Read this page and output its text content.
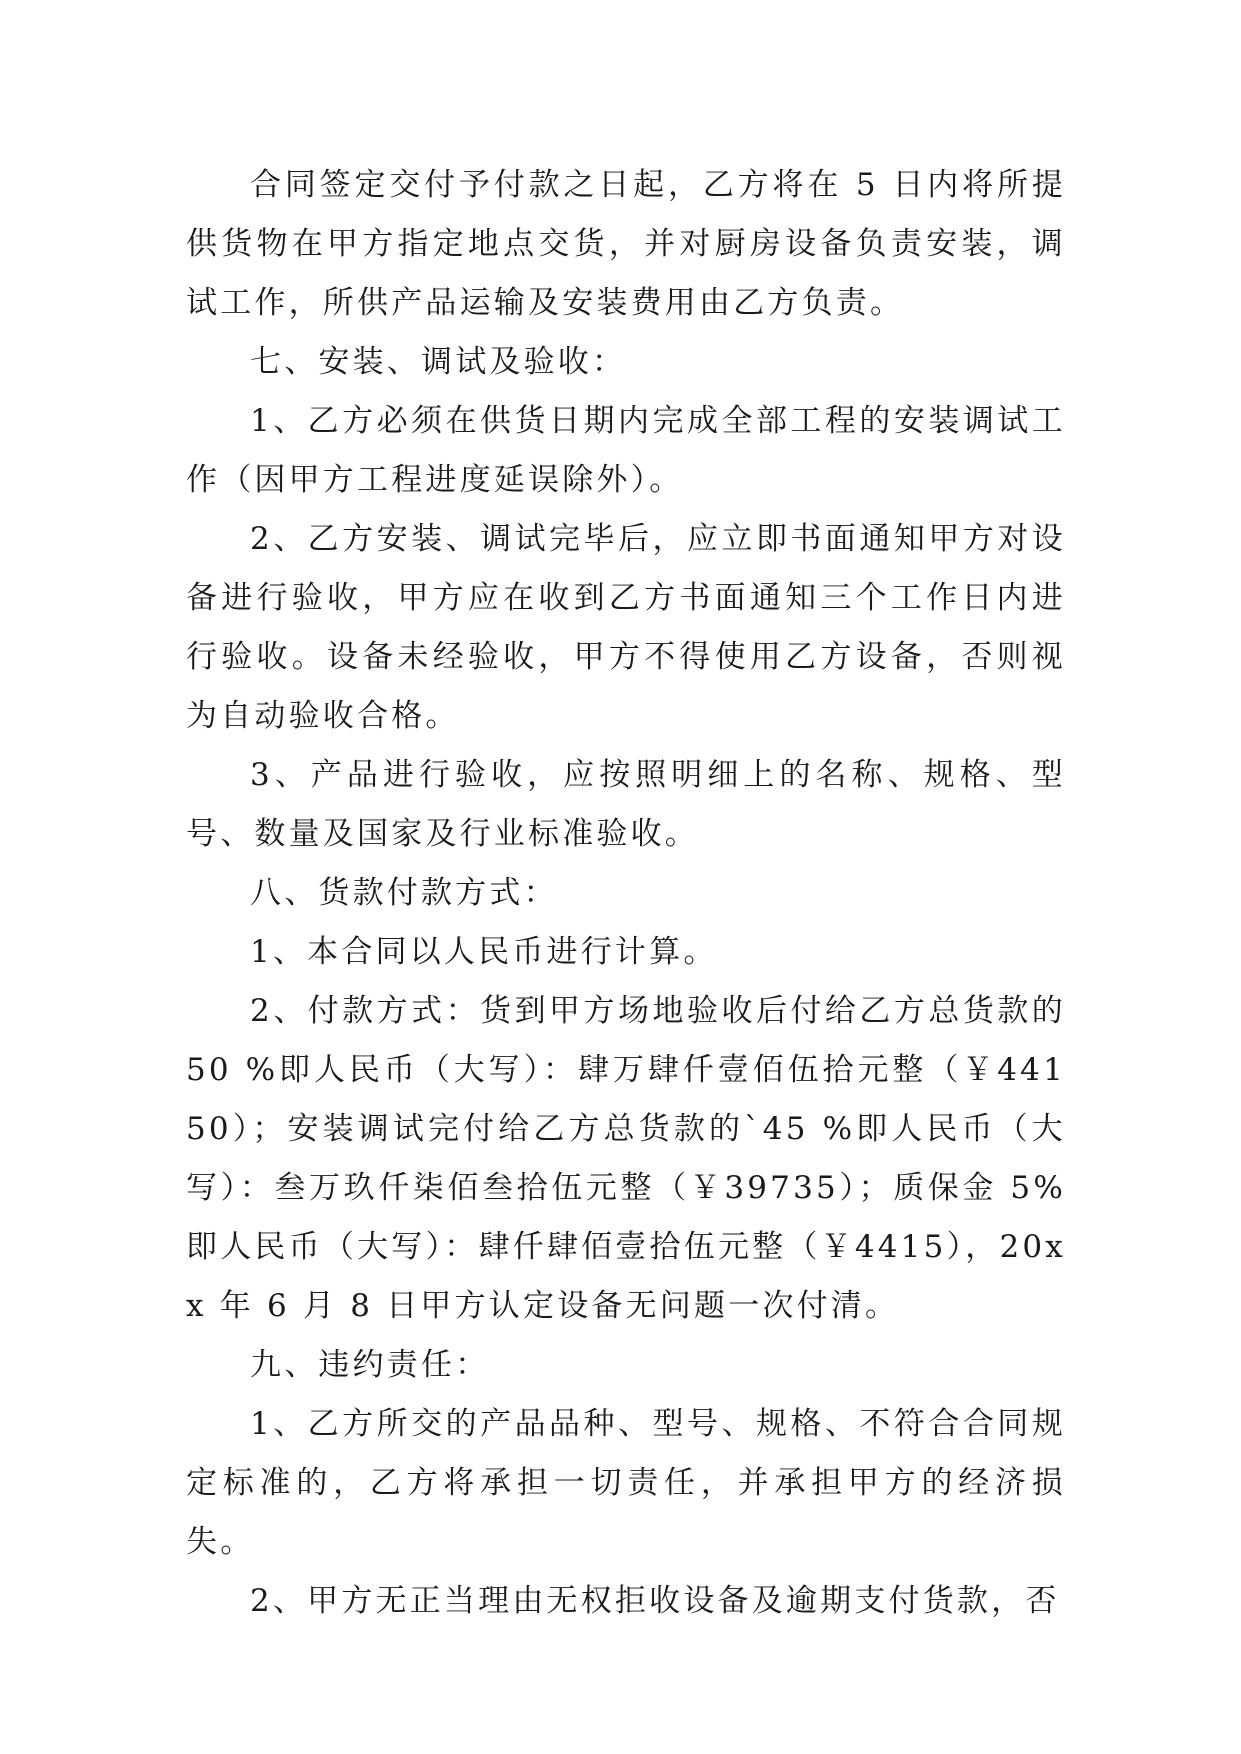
合同签定交付予付款之日起，乙方将在 5 日内将所提供货物在甲方指定地点交货，并对厨房设备负责安装，调试工作，所供产品运输及安装费用由乙方负责。

七、安装、调试及验收：

1、乙方必须在供货日期内完成全部工程的安装调试工作（因甲方工程进度延误除外）。

2、乙方安装、调试完毕后，应立即书面通知甲方对设备进行验收，甲方应在收到乙方书面通知三个工作日内进行验收。设备未经验收，甲方不得使用乙方设备，否则视为自动验收合格。

3、产品进行验收，应按照明细上的名称、规格、型号、数量及国家及行业标准验收。

八、货款付款方式：

1、本合同以人民币进行计算。

2、付款方式：货到甲方场地验收后付给乙方总货款的50 %即人民币（大写）：肆万肆仟壹佰伍拾元整（￥44150）；安装调试完付给乙方总货款的`45 %即人民币（大写）：叁万玖仟柒佰叁拾伍元整（￥39735）；质保金 5%即人民币（大写）：肆仟肆佰壹拾伍元整（￥4415），20xx 年 6 月 8 日甲方认定设备无问题一次付清。

九、违约责任：

1、乙方所交的产品品种、型号、规格、不符合合同规定标准的，乙方将承担一切责任，并承担甲方的经济损失。

2、甲方无正当理由无权拒收设备及逾期支付货款，否
